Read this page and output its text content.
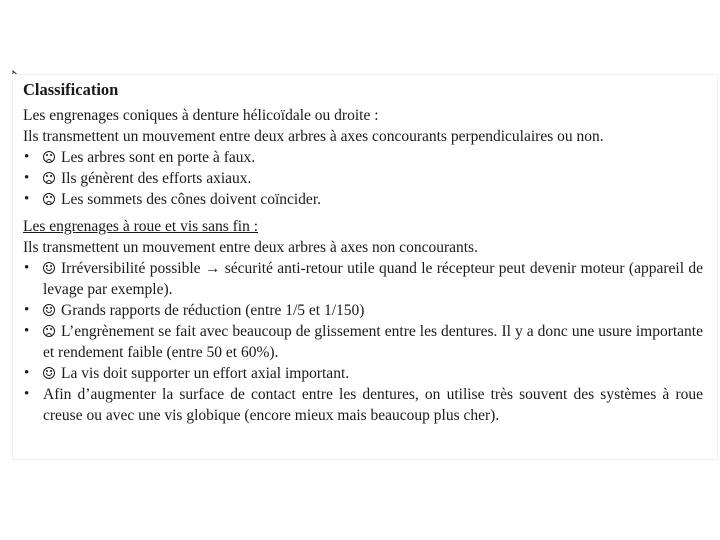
Classification

Les engrenages coniques à denture hélicoïdale ou droite :

Ils transmettent un mouvement entre deux arbres à axes concourants perpendiculaires ou non.

• Les arbres sont en porte à faux.
• Ils génèrent des efforts axiaux.
• Les sommets des cônes doivent coïncider.

Les engrenages à roue et vis sans fin :

Ils transmettent un mouvement entre deux arbres à axes non concourants.

• Irréversibilité possible → sécurité anti-retour utile quand le récepteur peut devenir moteur (appareil de levage par exemple).
• Grands rapports de réduction (entre 1/5 et 1/150)
• L’engrènement se fait avec beaucoup de glissement entre les dentures. Il y a donc une usure importante et rendement faible (entre 50 et 60%).
• La vis doit supporter un effort axial important.
• Afin d’augmenter la surface de contact entre les dentures, on utilise très souvent des systèmes à roue creuse ou avec une vis globique (encore mieux mais beaucoup plus cher).
